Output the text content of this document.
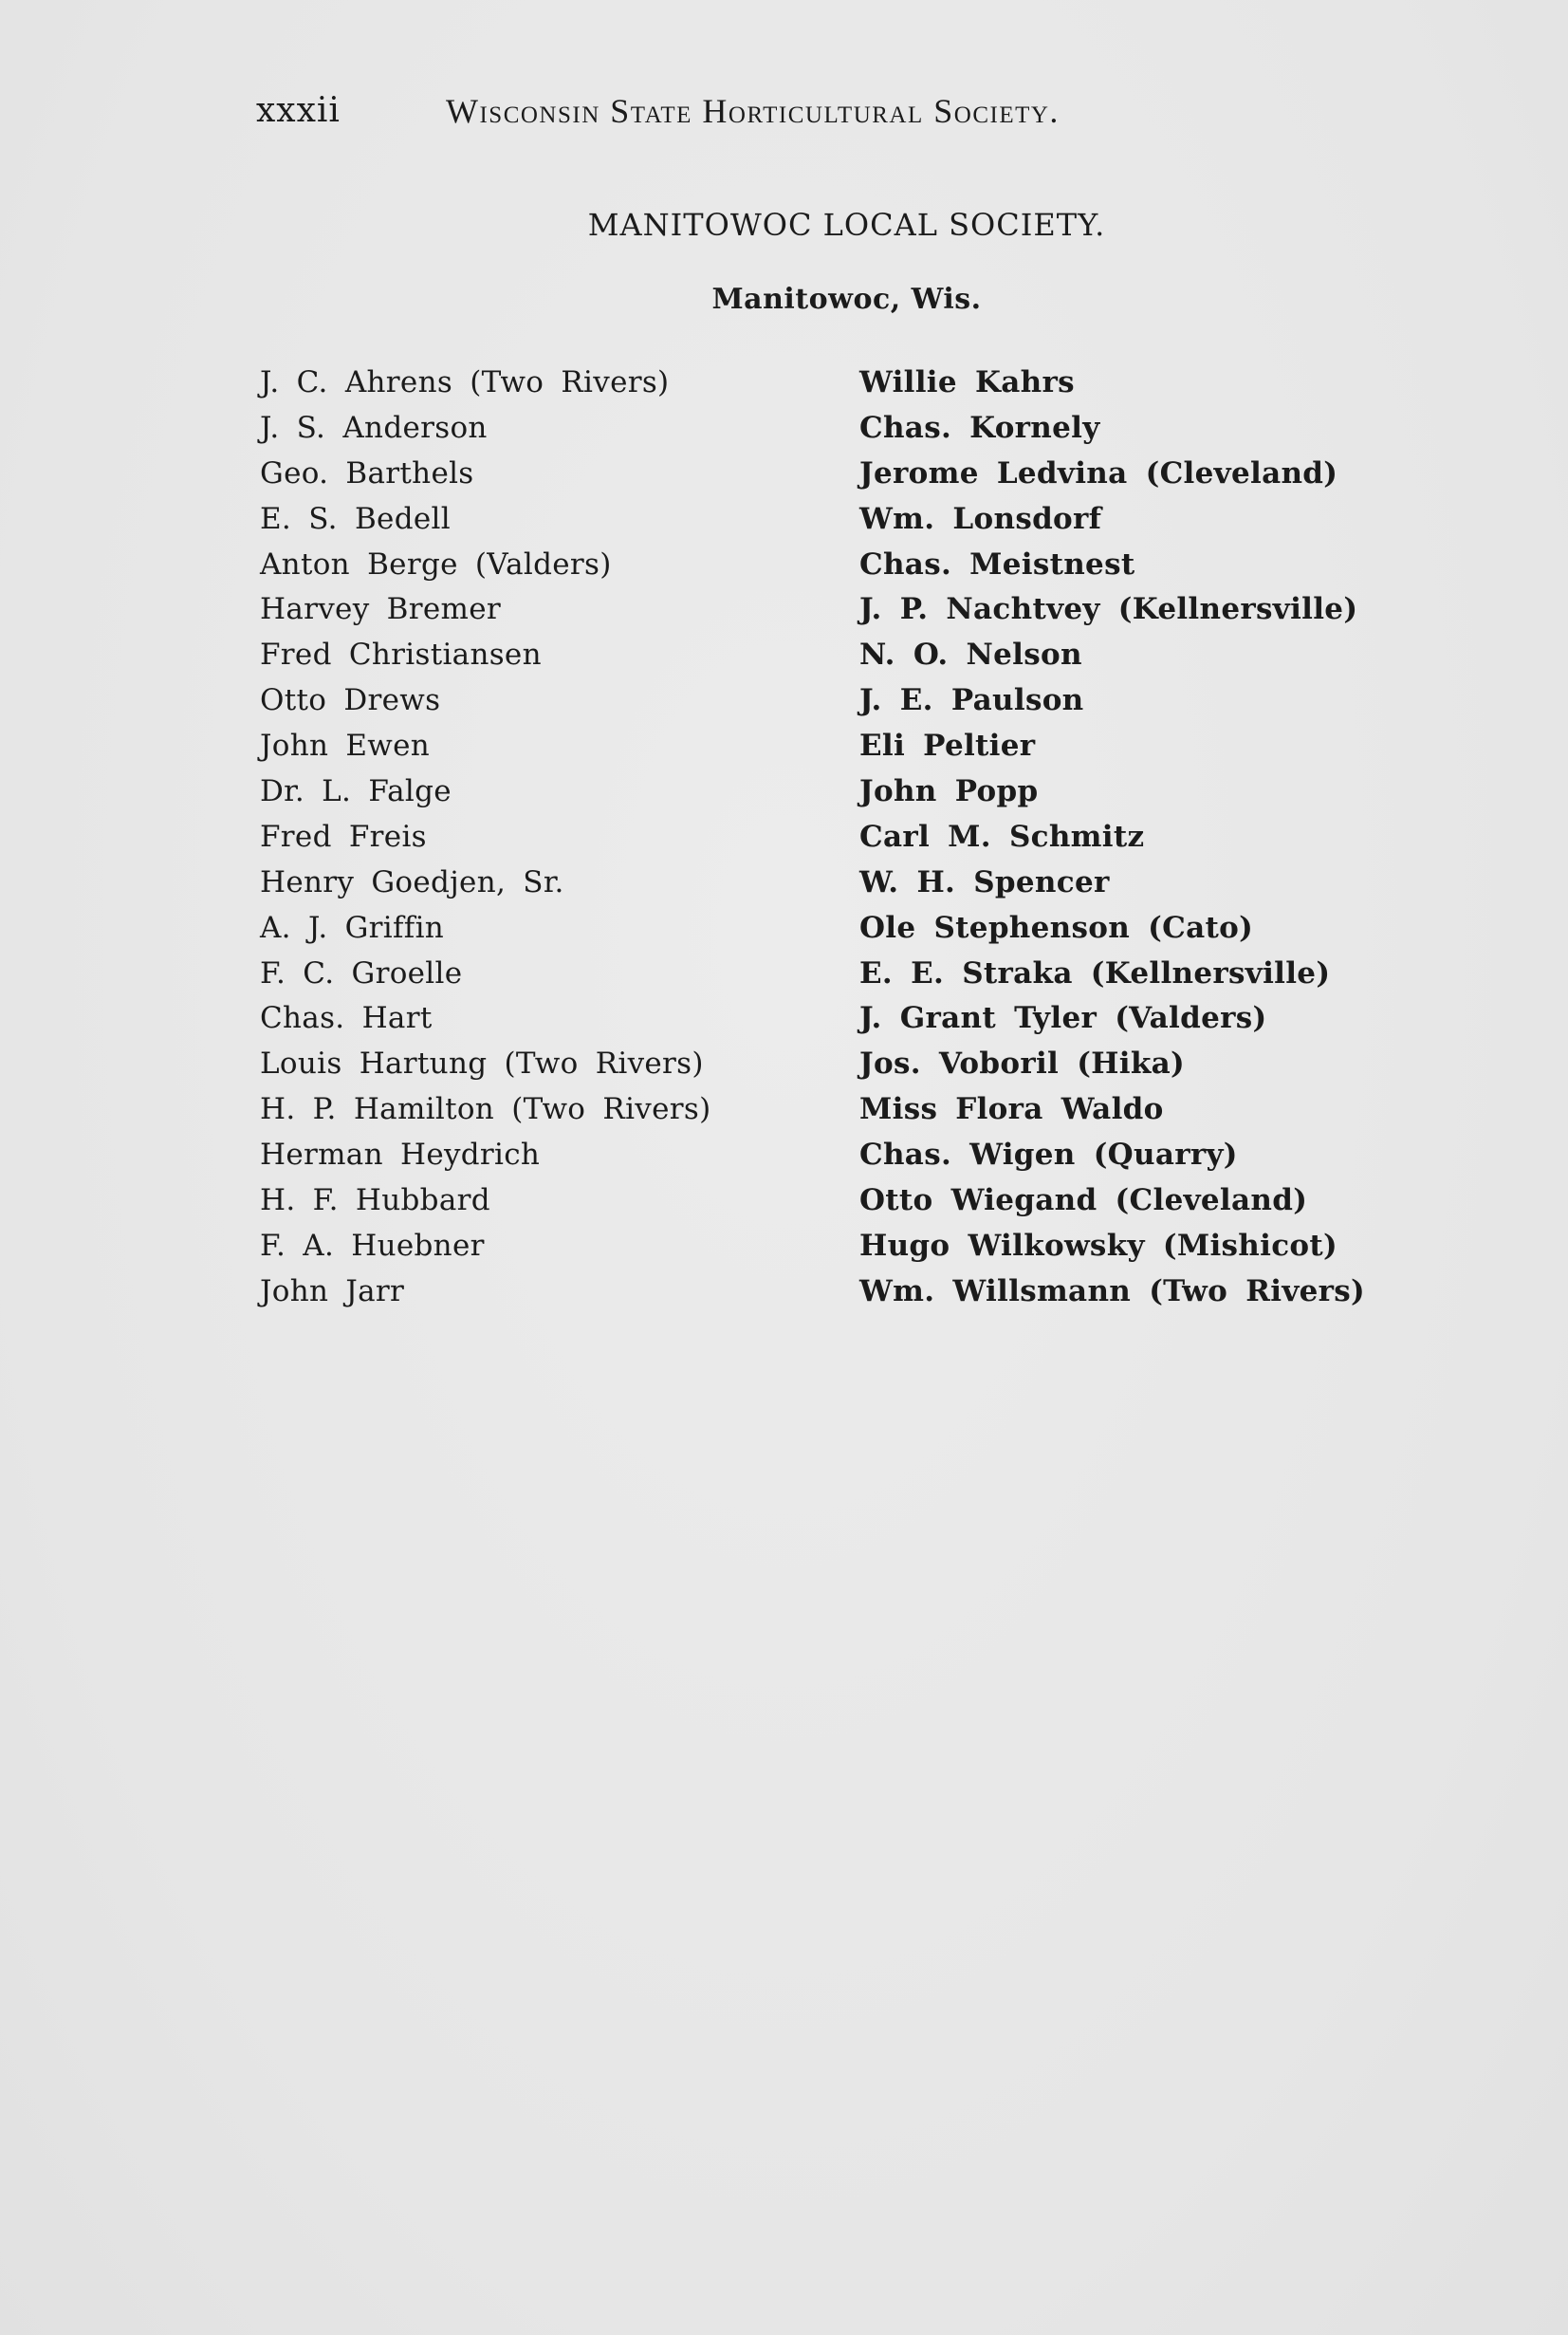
xxxii	Wisconsin State Horticultural Society.
MANITOWOC LOCAL SOCIETY.
Manitowoc, Wis.
J. C. Ahrens (Two Rivers)
J. S. Anderson
Geo. Barthels
E. S. Bedell
Anton Berge (Valders)
Harvey Bremer
Fred Christiansen
Otto Drews
John Ewen
Dr. L. Falge
Fred Freis
Henry Goedjen, Sr.
A. J. Griffin
F. C. Groelle
Chas. Hart
Louis Hartung (Two Rivers)
H. P. Hamilton (Two Rivers)
Herman Heydrich
H. F. Hubbard
F. A. Huebner
John Jarr
Willie Kahrs
Chas. Kornely
Jerome Ledvina (Cleveland)
Wm. Lonsdorf
Chas. Meistnest
J. P. Nachtvey (Kellnersville)
N. O. Nelson
J. E. Paulson
Eli Peltier
John Popp
Carl M. Schmitz
W. H. Spencer
Ole Stephenson (Cato)
E. E. Straka (Kellnersville)
J. Grant Tyler (Valders)
Jos. Voboril (Hika)
Miss Flora Waldo
Chas. Wigen (Quarry)
Otto Wiegand (Cleveland)
Hugo Wilkowsky (Mishicot)
Wm. Willsmann (Two Rivers)
